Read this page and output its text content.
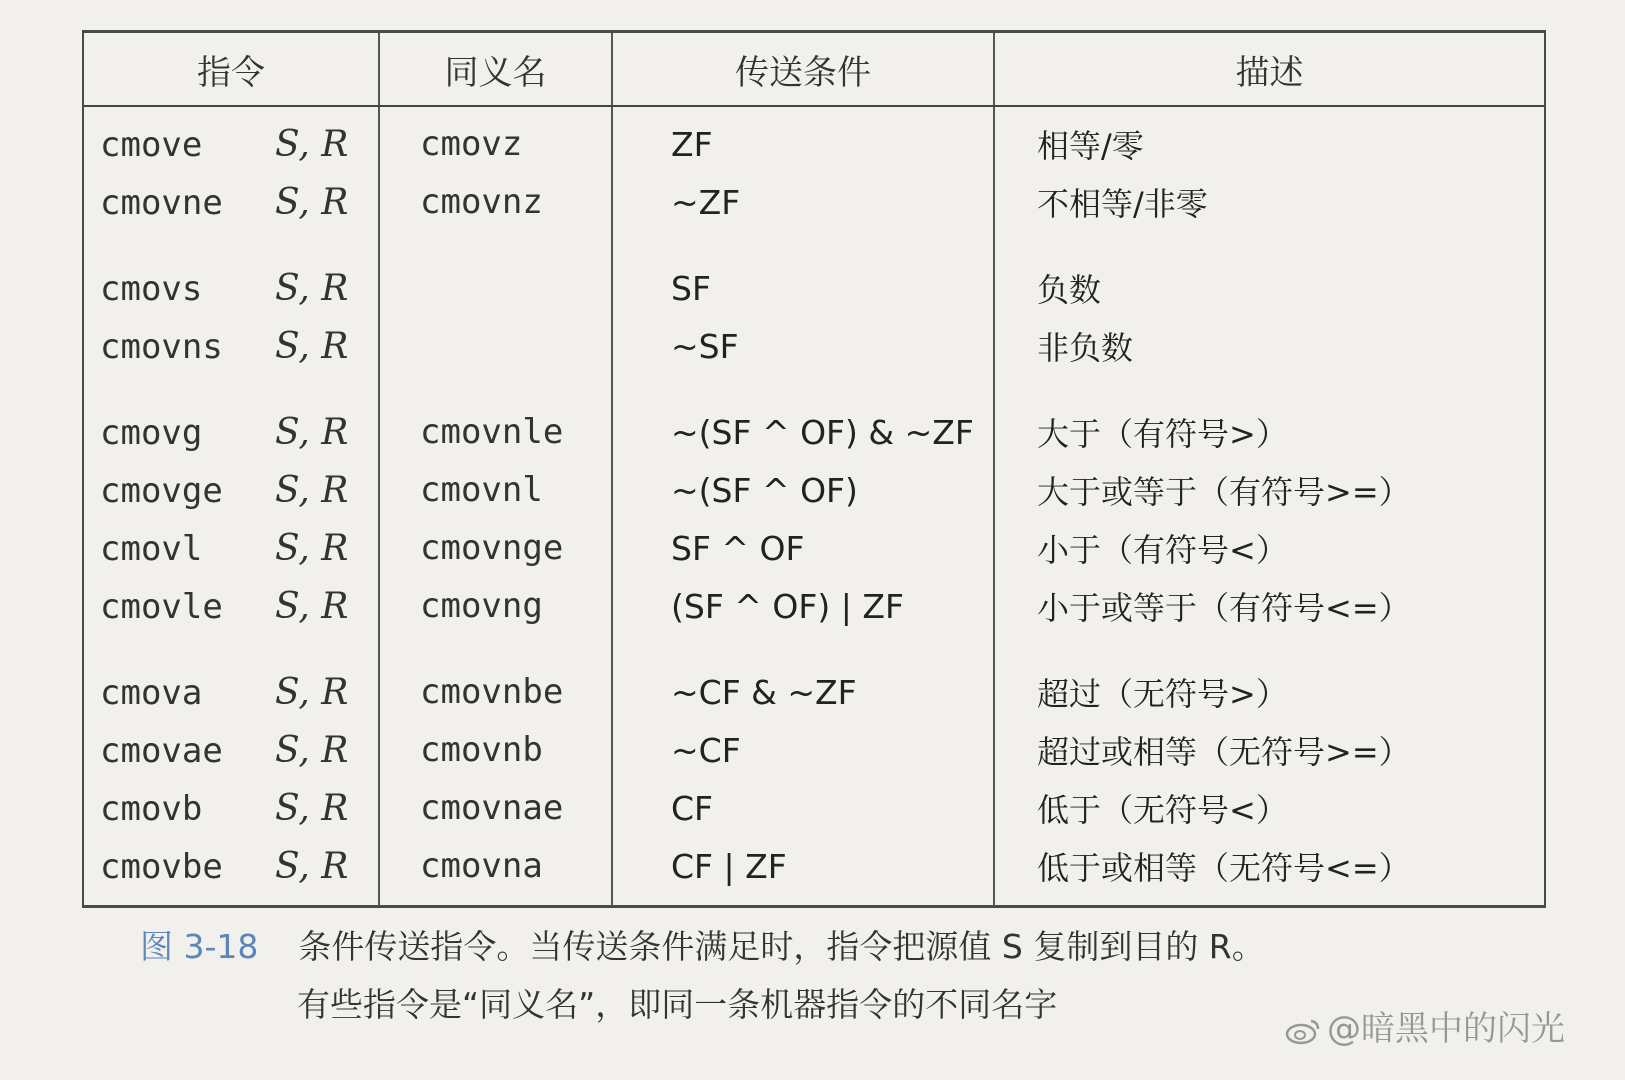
指令	同义名	传送条件	描述
cmove S, R	cmovz	ZF	相等/零
cmovne S, R	cmovnz	~ZF	不相等/非零

cmovs S, R		SF	负数
cmovns S, R		~SF	非负数

cmovg S, R	cmovnle	~(SF ^ OF) & ~ZF	大于（有符号>）
cmovge S, R	cmovnl	~(SF ^ OF)	大于或等于（有符号>=）
cmovl S, R	cmovnge	SF ^ OF	小于（有符号<）
cmovle S, R	cmovng	(SF ^ OF) | ZF	小于或等于（有符号<=）

cmova S, R	cmovnbe	~CF & ~ZF	超过（无符号>）
cmovae S, R	cmovnb	~CF	超过或相等（无符号>=）
cmovb S, R	cmovnae	CF	低于（无符号<）
cmovbe S, R	cmovna	CF | ZF	低于或相等（无符号<=）
图 3-18 条件传送指令。当传送条件满足时，指令把源值 S 复制到目的 R。
有些指令是“同义名”，即同一条机器指令的不同名字
@暗黑中的闪光
